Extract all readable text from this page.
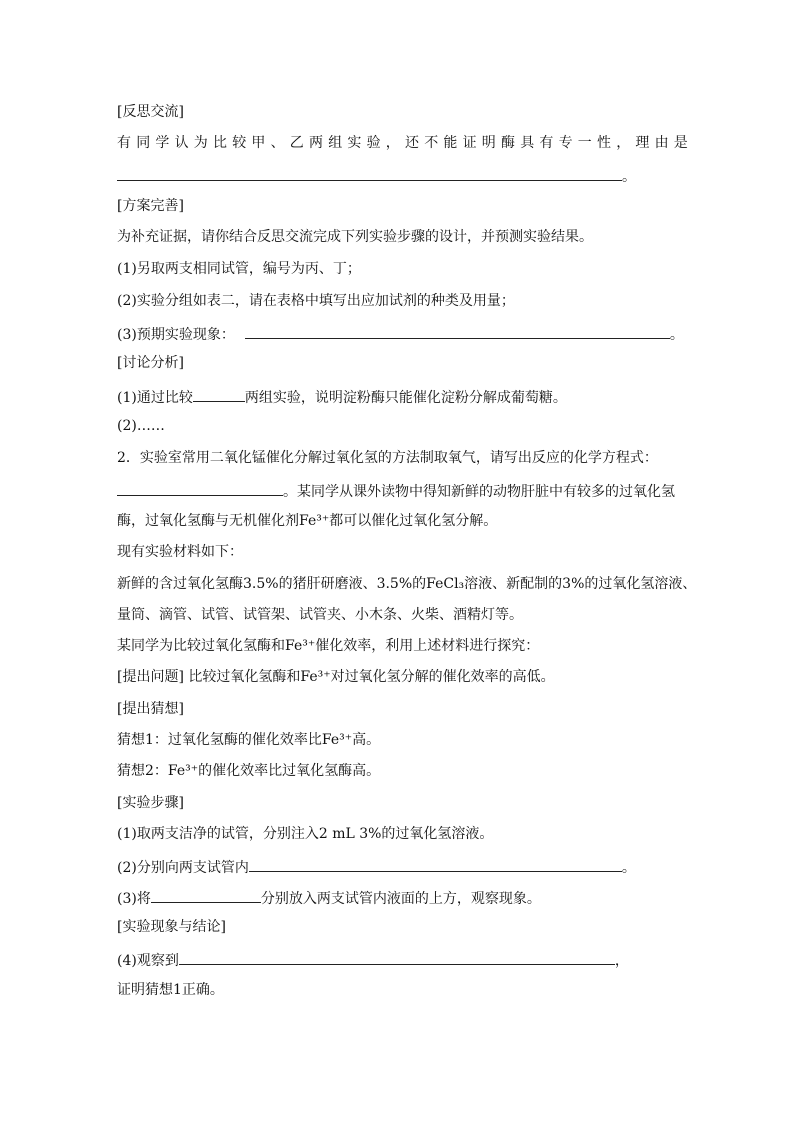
[反思交流]
有同学认为比较甲、乙两组实验，还不能证明酶具有专一性，理由是
。
[方案完善]
为补充证据，请你结合反思交流完成下列实验步骤的设计，并预测实验结果。
(1)另取两支相同试管，编号为丙、丁；
(2)实验分组如表二，请在表格中填写出应加试剂的种类及用量；
(3)预期实验现象：	。
[讨论分析]
(1)通过比较	两组实验，说明淀粉酶只能催化淀粉分解成葡萄糖。
(2)……
2．实验室常用二氧化锰催化分解过氧化氢的方法制取氧气，请写出反应的化学方程式：
。某同学从课外读物中得知新鲜的动物肝脏中有较多的过氧化氢
酶，过氧化氢酶与无机催化剂Fe³⁺都可以催化过氧化氢分解。
现有实验材料如下：
新鲜的含过氧化氢酶3.5%的猪肝研磨液、3.5%的FeCl₃溶液、新配制的3%的过氧化氢溶液、
量筒、滴管、试管、试管架、试管夹、小木条、火柴、酒精灯等。
某同学为比较过氧化氢酶和Fe³⁺催化效率，利用上述材料进行探究：
[提出问题] 比较过氧化氢酶和Fe³⁺对过氧化氢分解的催化效率的高低。
[提出猜想]
猜想1：过氧化氢酶的催化效率比Fe³⁺高。
猜想2：Fe³⁺的催化效率比过氧化氢酶高。
[实验步骤]
(1)取两支洁净的试管，分别注入2 mL 3%的过氧化氢溶液。
(2)分别向两支试管内	。
(3)将	分别放入两支试管内液面的上方，观察现象。
[实验现象与结论]
(4)观察到	，
证明猜想1正确。
